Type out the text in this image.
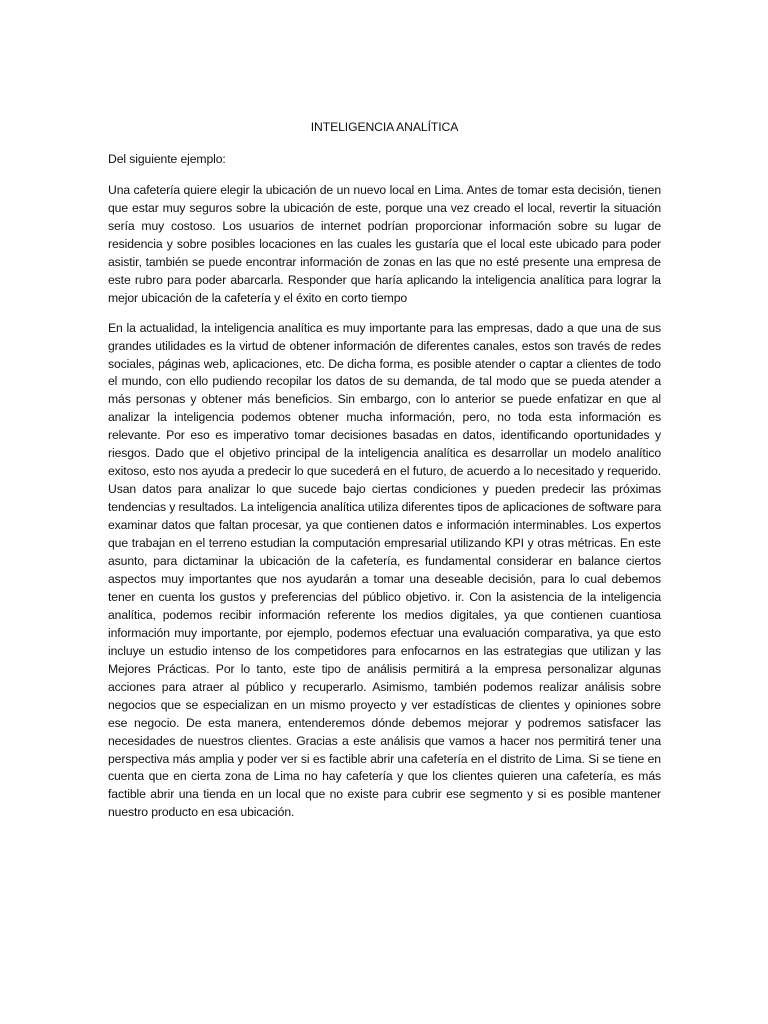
INTELIGENCIA ANALÍTICA
Del siguiente ejemplo:

Una cafetería quiere elegir la ubicación de un nuevo local en Lima. Antes de tomar esta decisión, tienen que estar muy seguros sobre la ubicación de este, porque una vez creado el local, revertir la situación sería muy costoso. Los usuarios de internet podrían proporcionar información sobre su lugar de residencia y sobre posibles locaciones en las cuales les gustaría que el local este ubicado para poder asistir, también se puede encontrar información de zonas en las que no esté presente una empresa de este rubro para poder abarcarla. Responder que haría aplicando la inteligencia analítica para lograr la mejor ubicación de la cafetería y el éxito en corto tiempo

En la actualidad, la inteligencia analítica es muy importante para las empresas, dado a que una de sus grandes utilidades es la virtud de obtener información de diferentes canales, estos son través de redes sociales, páginas web, aplicaciones, etc. De dicha forma, es posible atender o captar a clientes de todo el mundo, con ello pudiendo recopilar los datos de su demanda, de tal modo que se pueda atender a más personas y obtener más beneficios. Sin embargo, con lo anterior se puede enfatizar en que al analizar la inteligencia podemos obtener mucha información, pero, no toda esta información es relevante. Por eso es imperativo tomar decisiones basadas en datos, identificando oportunidades y riesgos. Dado que el objetivo principal de la inteligencia analítica es desarrollar un modelo analítico exitoso, esto nos ayuda a predecir lo que sucederá en el futuro, de acuerdo a lo necesitado y requerido. Usan datos para analizar lo que sucede bajo ciertas condiciones y pueden predecir las próximas tendencias y resultados. La inteligencia analítica utiliza diferentes tipos de aplicaciones de software para examinar datos que faltan procesar, ya que contienen datos e información interminables. Los expertos que trabajan en el terreno estudian la computación empresarial utilizando KPI y otras métricas. En este asunto, para dictaminar la ubicación de la cafetería, es fundamental considerar en balance ciertos aspectos muy importantes que nos ayudarán a tomar una deseable decisión, para lo cual debemos tener en cuenta los gustos y preferencias del público objetivo. ir. Con la asistencia de la inteligencia analítica, podemos recibir información referente los medios digitales, ya que contienen cuantiosa información muy importante, por ejemplo, podemos efectuar una evaluación comparativa, ya que esto incluye un estudio intenso de los competidores para enfocarnos en las estrategias que utilizan y las Mejores Prácticas. Por lo tanto, este tipo de análisis permitirá a la empresa personalizar algunas acciones para atraer al público y recuperarlo. Asimismo, también podemos realizar análisis sobre negocios que se especializan en un mismo proyecto y ver estadísticas de clientes y opiniones sobre ese negocio. De esta manera, entenderemos dónde debemos mejorar y podremos satisfacer las necesidades de nuestros clientes. Gracias a este análisis que vamos a hacer nos permitirá tener una perspectiva más amplia y poder ver si es factible abrir una cafetería en el distrito de Lima. Si se tiene en cuenta que en cierta zona de Lima no hay cafetería y que los clientes quieren una cafetería, es más factible abrir una tienda en un local que no existe para cubrir ese segmento y si es posible mantener nuestro producto en esa ubicación.
